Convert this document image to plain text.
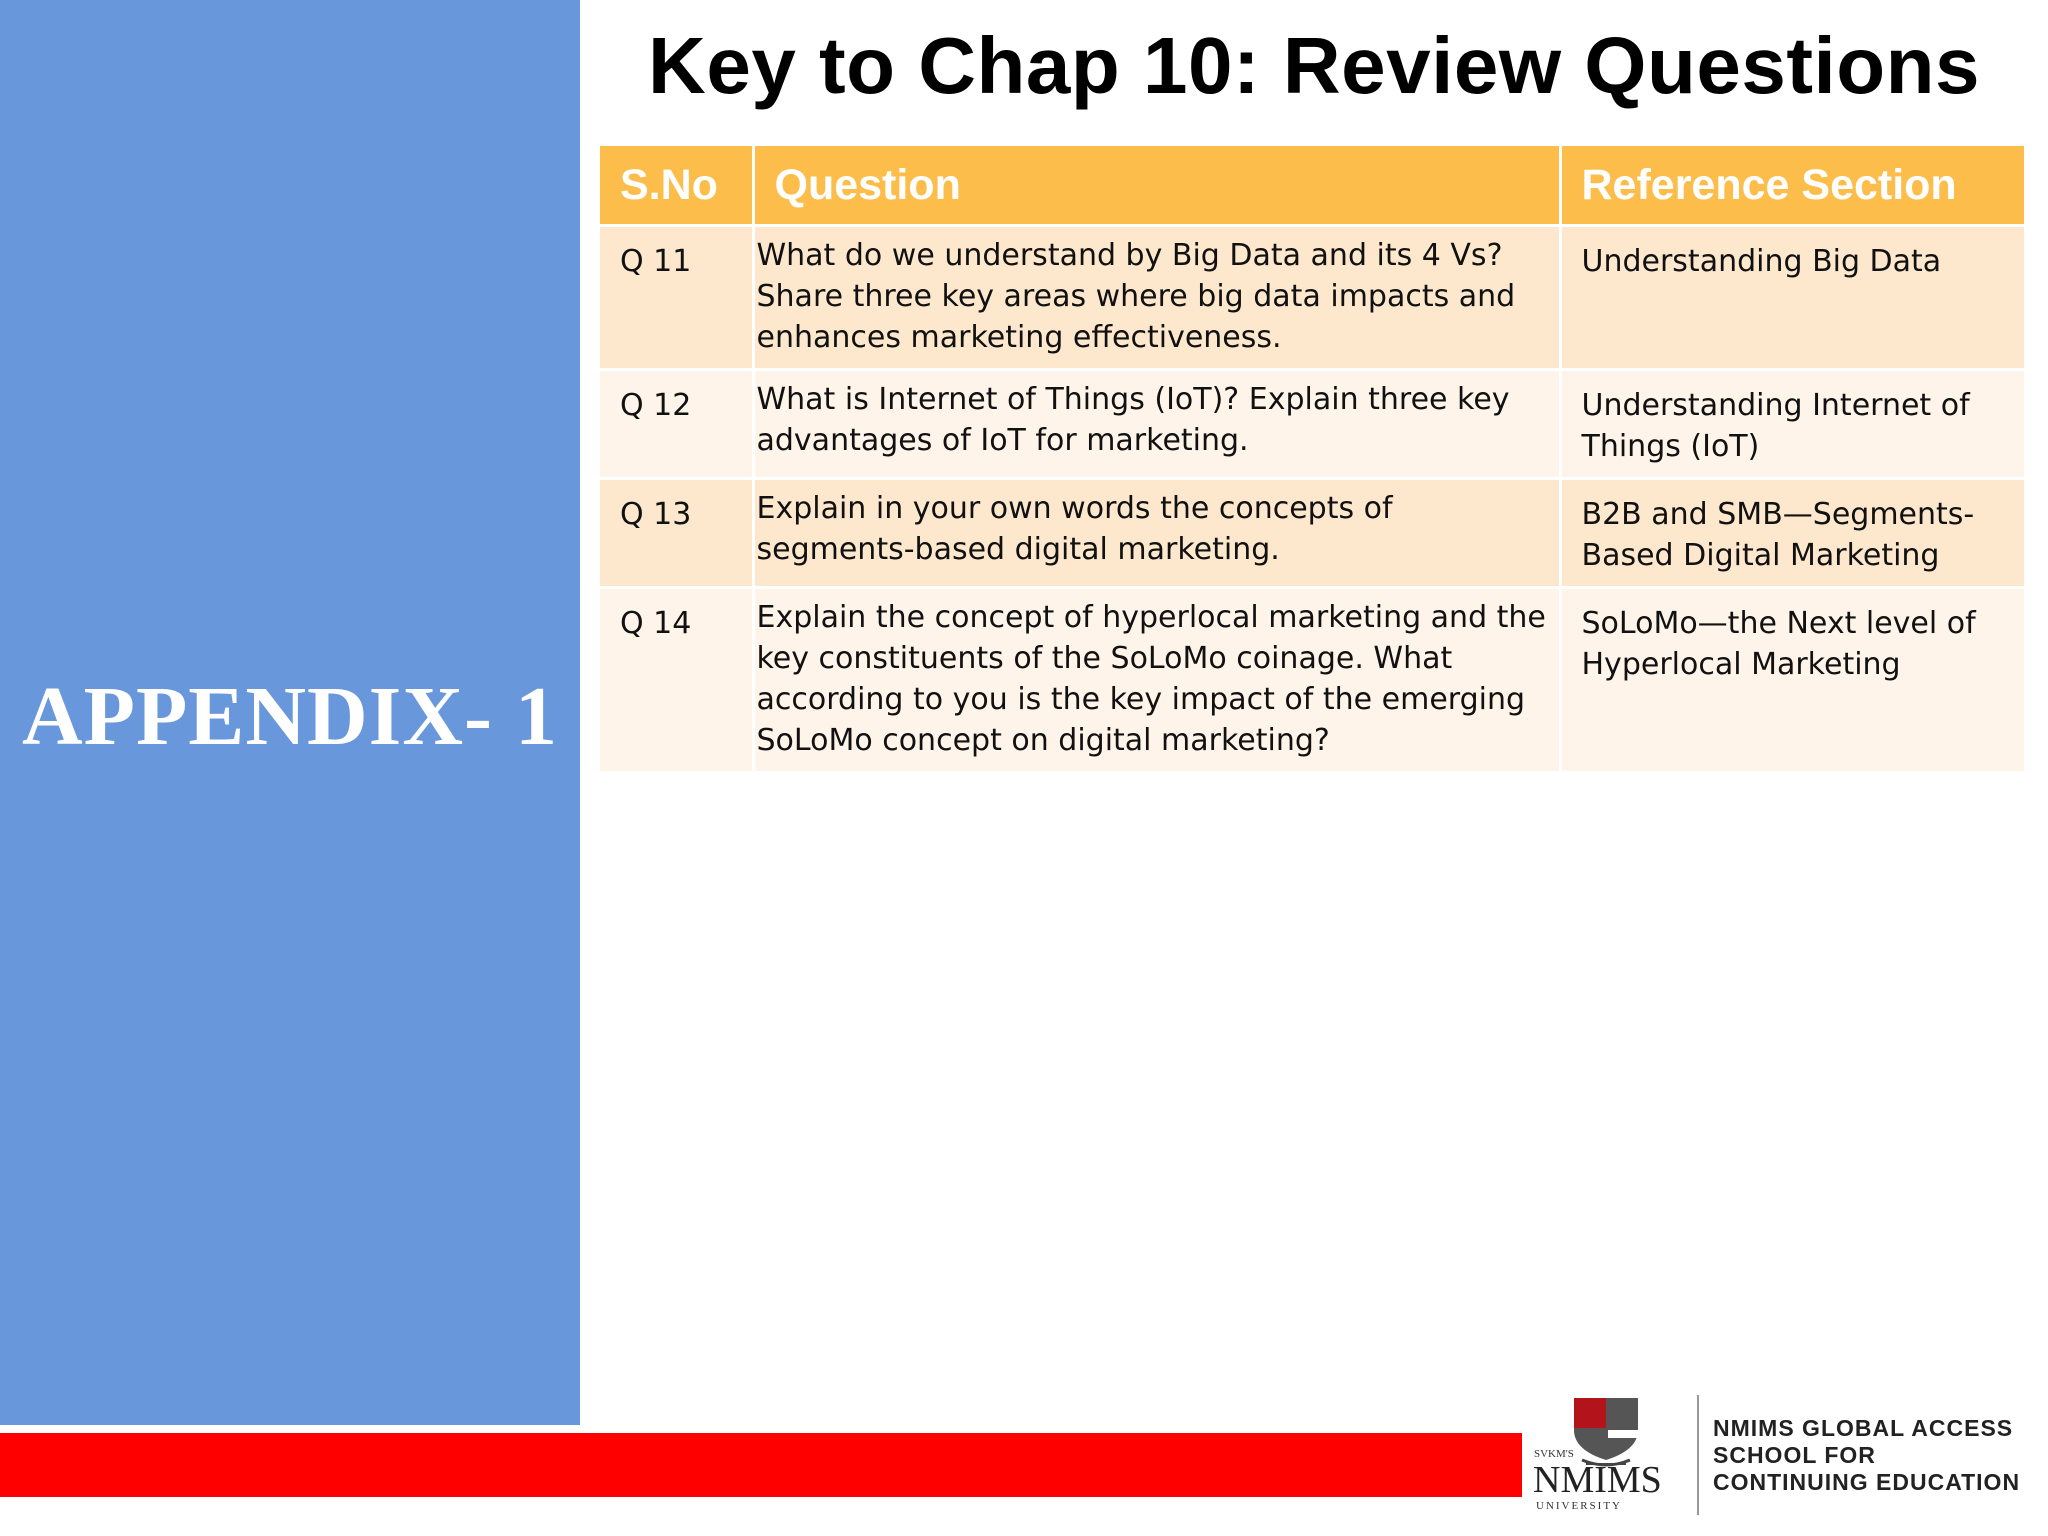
APPENDIX- 1
Key to Chap 10: Review Questions
S.No	Question	Reference Section
Q 11	What do we understand by Big Data and its 4 Vs? Share three key areas where big data impacts and enhances marketing effectiveness.	Understanding Big Data
Q 12	What is Internet of Things (IoT)? Explain three key advantages of IoT for marketing.	Understanding Internet of Things (IoT)
Q 13	Explain in your own words the concepts of segments-based digital marketing.	B2B and SMB—Segments-Based Digital Marketing
Q 14	Explain the concept of hyperlocal marketing and the key constituents of the SoLoMo coinage. What according to you is the key impact of the emerging SoLoMo concept on digital marketing?	SoLoMo—the Next level of Hyperlocal Marketing
SVKM'S
NMIMS
UNIVERSITY
NMIMS GLOBAL ACCESS
SCHOOL FOR
CONTINUING EDUCATION
